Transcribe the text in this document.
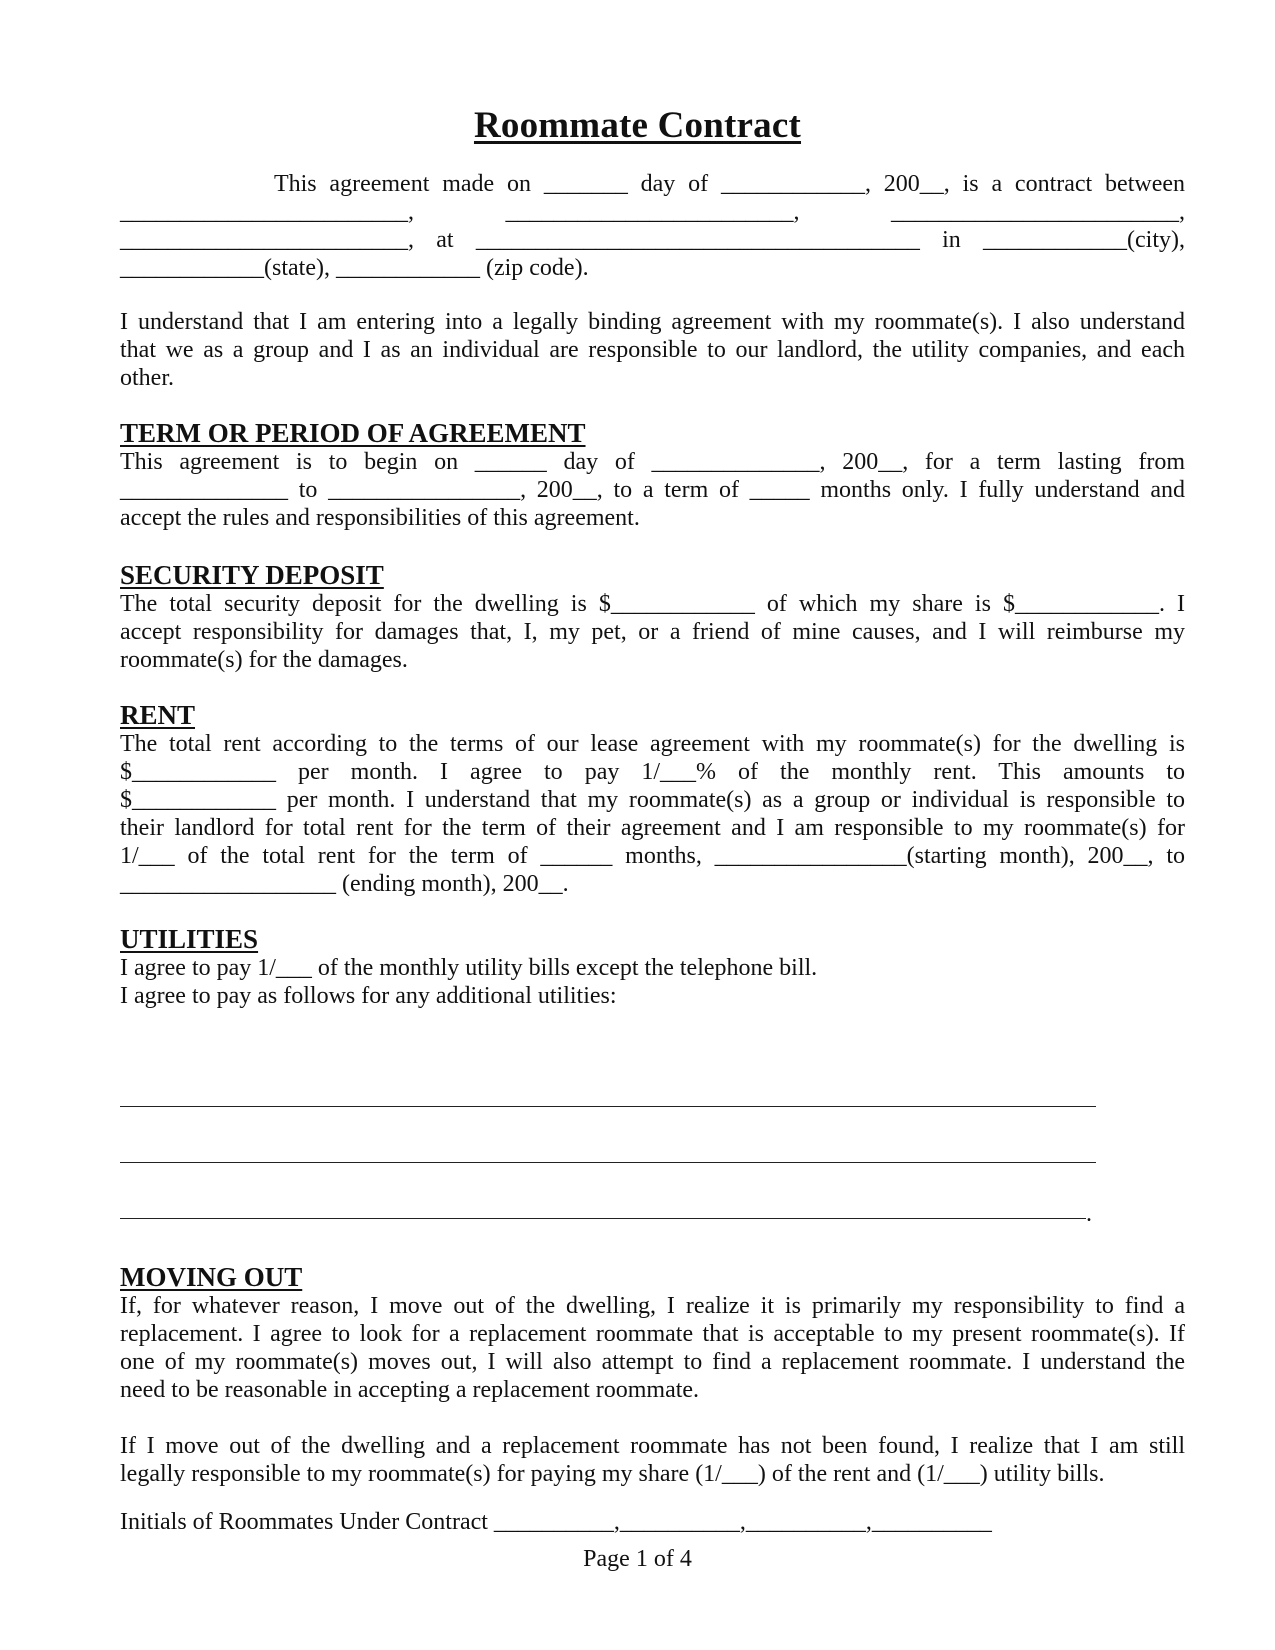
Roommate Contract
This agreement made on _______ day of ____________, 200__, is a contract between
________________________, ________________________, ________________________,
________________________, at _____________________________________ in ____________(city),
____________(state), ____________ (zip code).
I understand that I am entering into a legally binding agreement with my roommate(s). I also understand
that we as a group and I as an individual are responsible to our landlord, the utility companies, and each
other.
TERM OR PERIOD OF AGREEMENT
This agreement is to begin on ______ day of ______________, 200__, for a term lasting from
______________ to ________________, 200__, to a term of _____ months only. I fully understand and
accept the rules and responsibilities of this agreement.
SECURITY DEPOSIT
The total security deposit for the dwelling is $____________ of which my share is $____________. I
accept responsibility for damages that, I, my pet, or a friend of mine causes, and I will reimburse my
roommate(s) for the damages.
RENT
The total rent according to the terms of our lease agreement with my roommate(s) for the dwelling is
$____________ per month. I agree to pay 1/___% of the monthly rent. This amounts to
$____________ per month. I understand that my roommate(s) as a group or individual is responsible to
their landlord for total rent for the term of their agreement and I am responsible to my roommate(s) for
1/___ of the total rent for the term of ______ months, ________________(starting month), 200__, to
__________________ (ending month), 200__.
UTILITIES
I agree to pay 1/___ of the monthly utility bills except the telephone bill.
I agree to pay as follows for any additional utilities:
.
MOVING OUT
If, for whatever reason, I move out of the dwelling, I realize it is primarily my responsibility to find a
replacement. I agree to look for a replacement roommate that is acceptable to my present roommate(s). If
one of my roommate(s) moves out, I will also attempt to find a replacement roommate. I understand the
need to be reasonable in accepting a replacement roommate.
If I move out of the dwelling and a replacement roommate has not been found, I realize that I am still
legally responsible to my roommate(s) for paying my share (1/___) of the rent and (1/___) utility bills.
Initials of Roommates Under Contract __________,__________,__________,__________
Page 1 of 4
